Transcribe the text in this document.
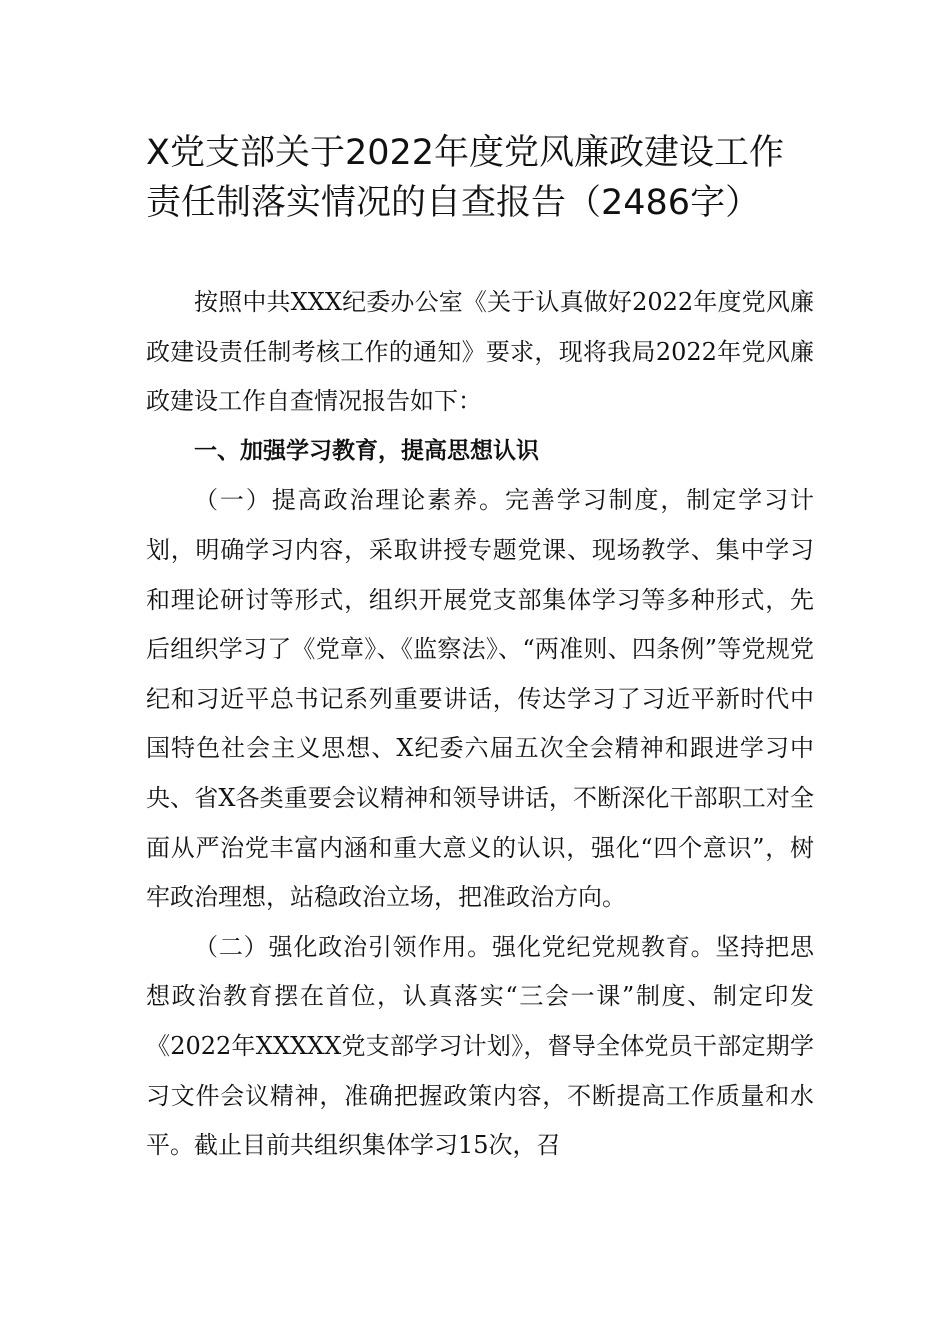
X党支部关于2022年度党风廉政建设工作
责任制落实情况的自查报告（2486字）

按照中共XXX纪委办公室《关于认真做好2022年度党风廉政建设责任制考核工作的通知》要求，现将我局2022年党风廉政建设工作自查情况报告如下：

一、加强学习教育，提高思想认识

（一）提高政治理论素养。完善学习制度，制定学习计划，明确学习内容，采取讲授专题党课、现场教学、集中学习和理论研讨等形式，组织开展党支部集体学习等多种形式，先后组织学习了《党章》、《监察法》、“两准则、四条例”等党规党纪和习近平总书记系列重要讲话，传达学习了习近平新时代中国特色社会主义思想、X纪委六届五次全会精神和跟进学习中央、省X各类重要会议精神和领导讲话，不断深化干部职工对全面从严治党丰富内涵和重大意义的认识，强化“四个意识”，树牢政治理想，站稳政治立场，把准政治方向。

（二）强化政治引领作用。强化党纪党规教育。坚持把思想政治教育摆在首位，认真落实“三会一课”制度、制定印发《2022年XXXXX党支部学习计划》，督导全体党员干部定期学习文件会议精神，准确把握政策内容，不断提高工作质量和水平。截止目前共组织集体学习15次，召
